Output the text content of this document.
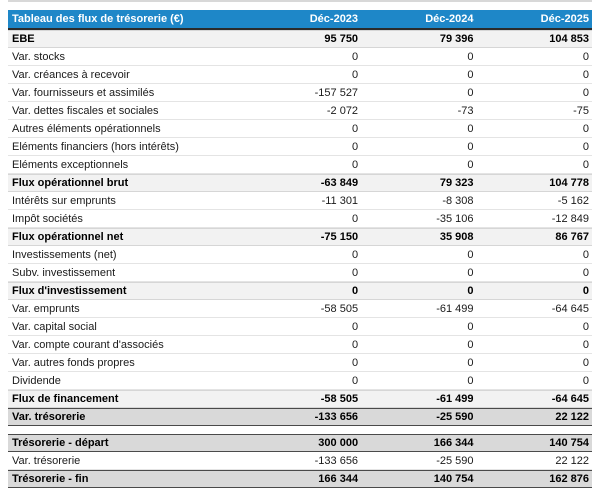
Tableau des flux de trésorerie (€)	Déc-2023	Déc-2024	Déc-2025
EBE	95 750	79 396	104 853
Var. stocks	0	0	0
Var. créances à recevoir	0	0	0
Var. fournisseurs et assimilés	-157 527	0	0
Var. dettes fiscales et sociales	-2 072	-73	-75
Autres éléments opérationnels	0	0	0
Eléments financiers (hors intérêts)	0	0	0
Eléments exceptionnels	0	0	0
Flux opérationnel brut	-63 849	79 323	104 778
Intérêts sur emprunts	-11 301	-8 308	-5 162
Impôt sociétés	0	-35 106	-12 849
Flux opérationnel net	-75 150	35 908	86 767
Investissements (net)	0	0	0
Subv. investissement	0	0	0
Flux d'investissement	0	0	0
Var. emprunts	-58 505	-61 499	-64 645
Var. capital social	0	0	0
Var. compte courant d'associés	0	0	0
Var. autres fonds propres	0	0	0
Dividende	0	0	0
Flux de financement	-58 505	-61 499	-64 645
Var. trésorerie	-133 656	-25 590	22 122
Trésorerie - départ	300 000	166 344	140 754
Var. trésorerie	-133 656	-25 590	22 122
Trésorerie - fin	166 344	140 754	162 876
